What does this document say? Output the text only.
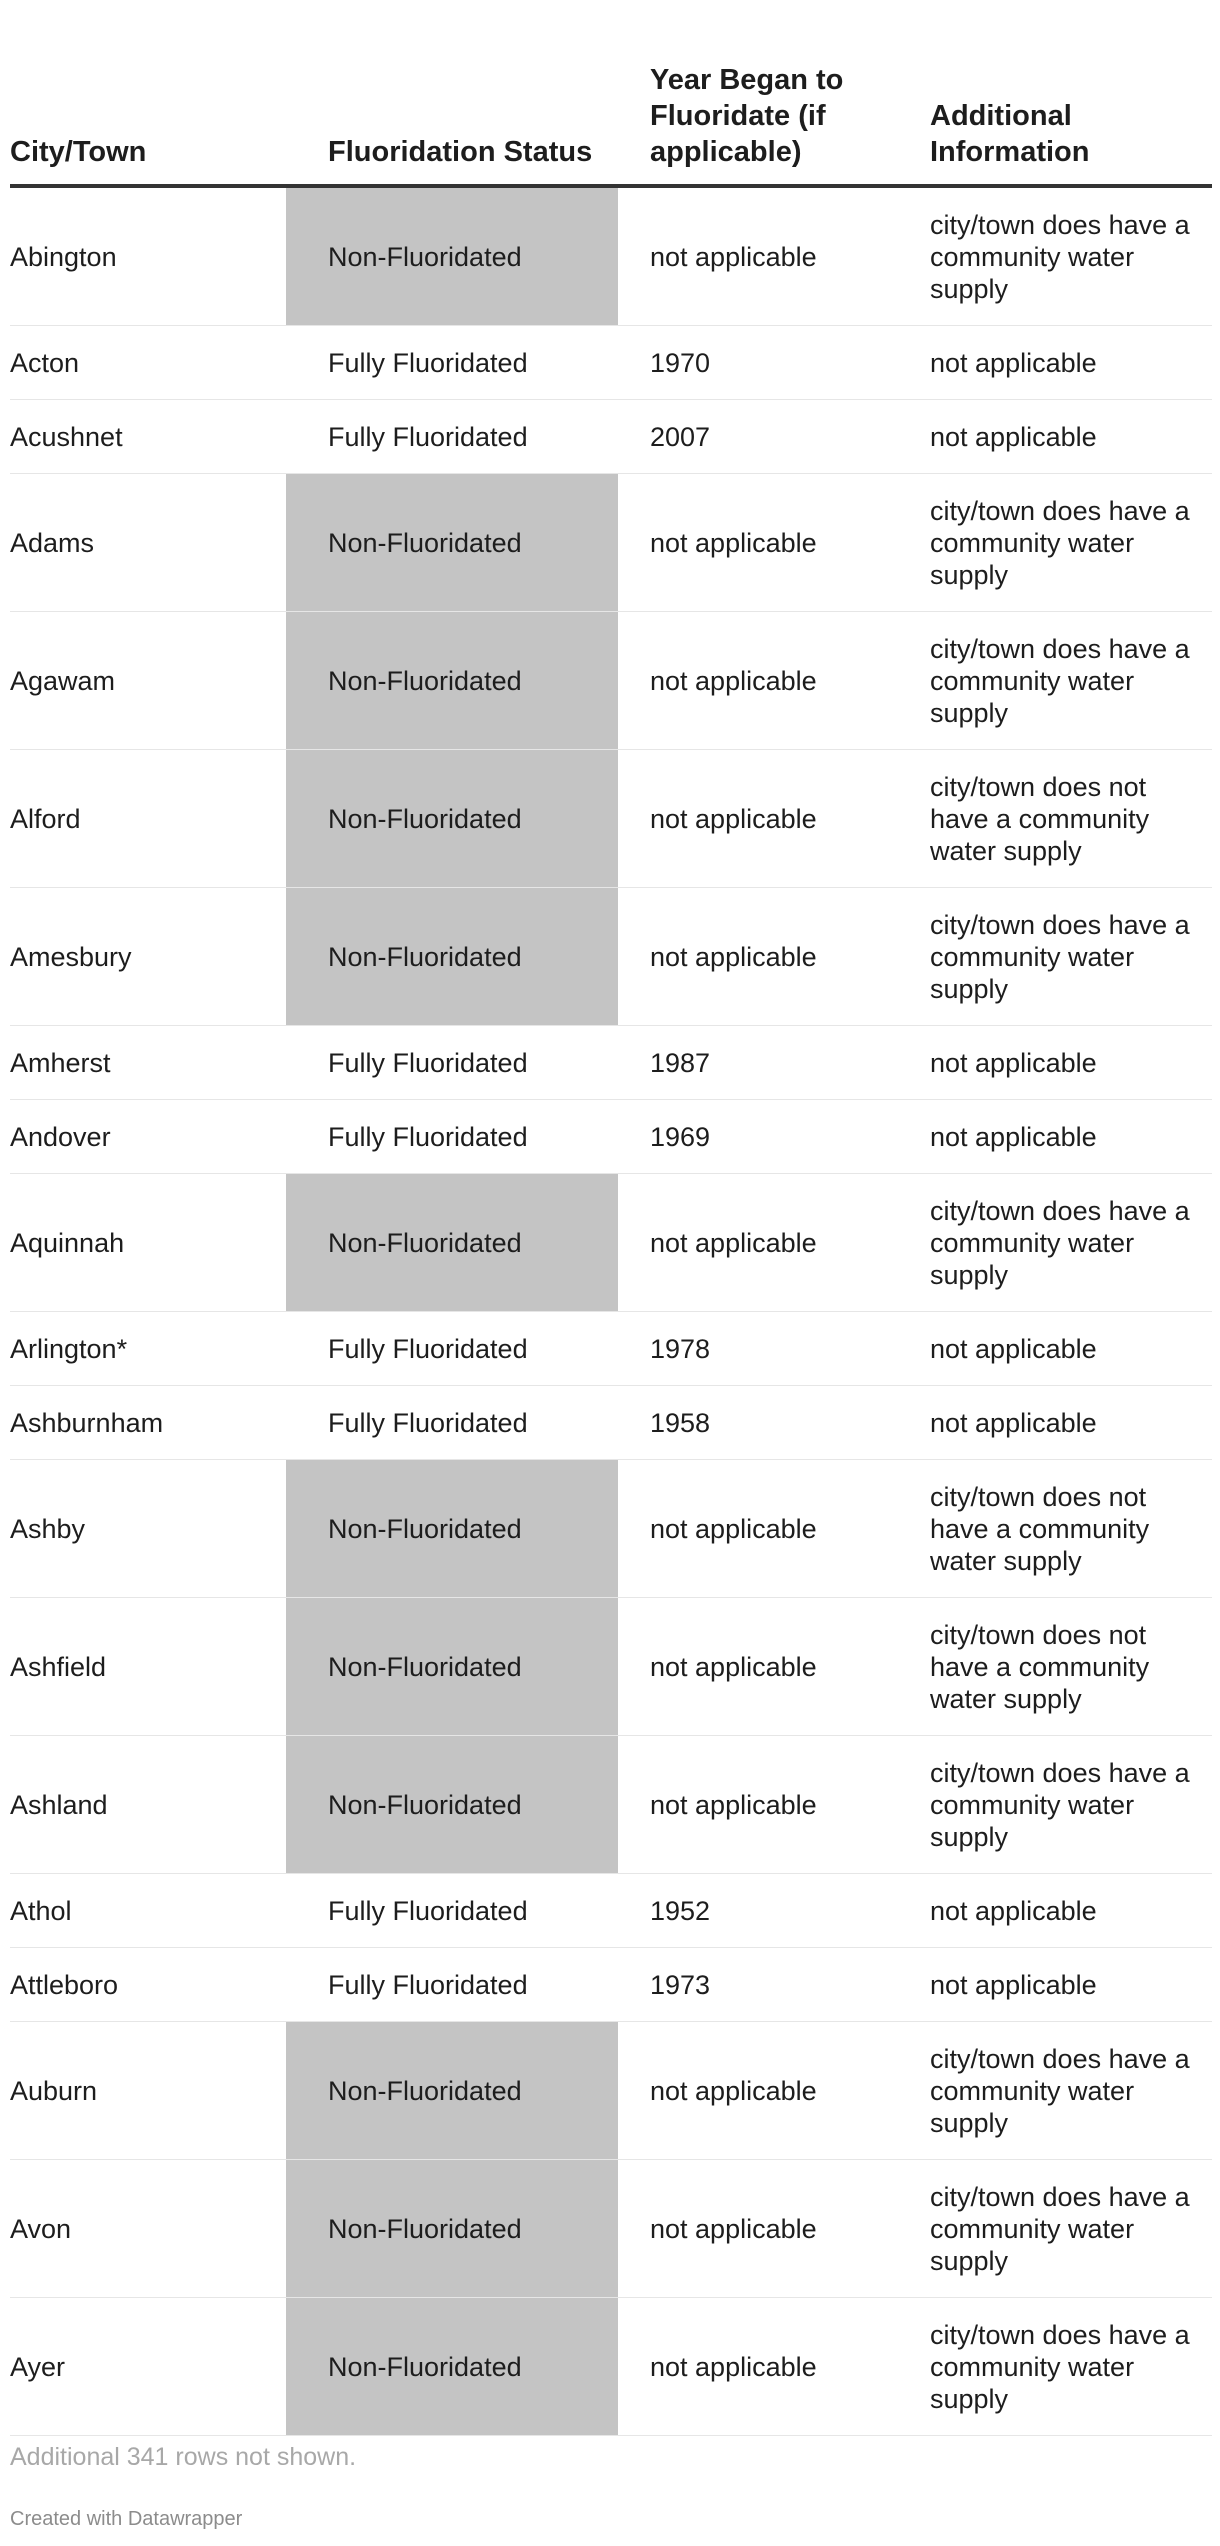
City/Town	Fluoridation Status	Year Began to Fluoridate (if applicable)	Additional Information
Abington	Non-Fluoridated	not applicable	city/town does have a community water supply
Acton	Fully Fluoridated	1970	not applicable
Acushnet	Fully Fluoridated	2007	not applicable
Adams	Non-Fluoridated	not applicable	city/town does have a community water supply
Agawam	Non-Fluoridated	not applicable	city/town does have a community water supply
Alford	Non-Fluoridated	not applicable	city/town does not have a community water supply
Amesbury	Non-Fluoridated	not applicable	city/town does have a community water supply
Amherst	Fully Fluoridated	1987	not applicable
Andover	Fully Fluoridated	1969	not applicable
Aquinnah	Non-Fluoridated	not applicable	city/town does have a community water supply
Arlington*	Fully Fluoridated	1978	not applicable
Ashburnham	Fully Fluoridated	1958	not applicable
Ashby	Non-Fluoridated	not applicable	city/town does not have a community water supply
Ashfield	Non-Fluoridated	not applicable	city/town does not have a community water supply
Ashland	Non-Fluoridated	not applicable	city/town does have a community water supply
Athol	Fully Fluoridated	1952	not applicable
Attleboro	Fully Fluoridated	1973	not applicable
Auburn	Non-Fluoridated	not applicable	city/town does have a community water supply
Avon	Non-Fluoridated	not applicable	city/town does have a community water supply
Ayer	Non-Fluoridated	not applicable	city/town does have a community water supply
Additional 341 rows not shown.
Created with Datawrapper
